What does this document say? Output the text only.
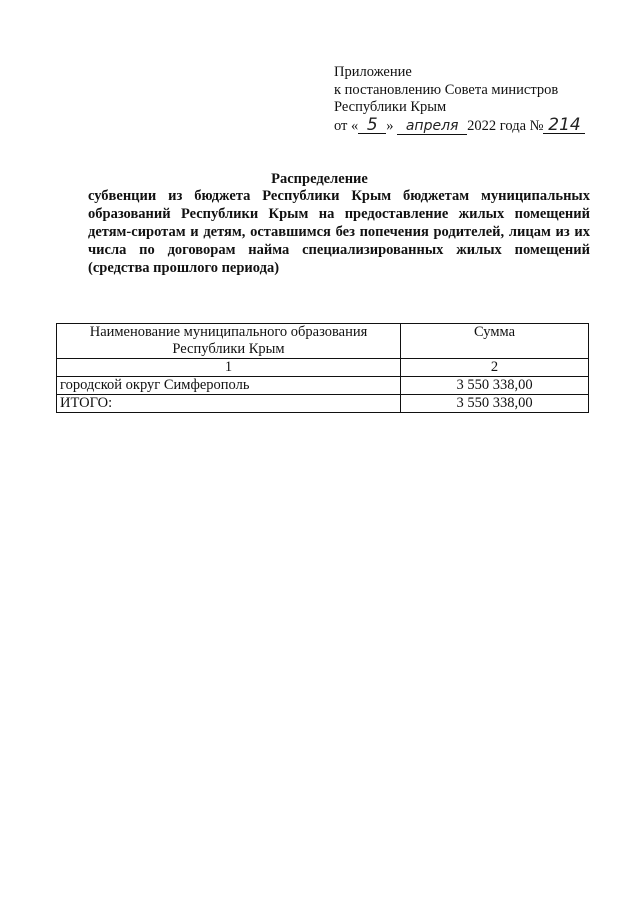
Приложение
к постановлению Совета министров
Республики Крым
от « 5 » апреля 2022 года № 214
Распределение
субвенции из бюджета Республики Крым бюджетам муниципальных образований Республики Крым на предоставление жилых помещений детям-сиротам и детям, оставшимся без попечения родителей, лицам из их числа по договорам найма специализированных жилых помещений (средства прошлого периода)
Наименование муниципального образования Республики Крым	Сумма
1	2
городской округ Симферополь	3 550 338,00
ИТОГО:	3 550 338,00
